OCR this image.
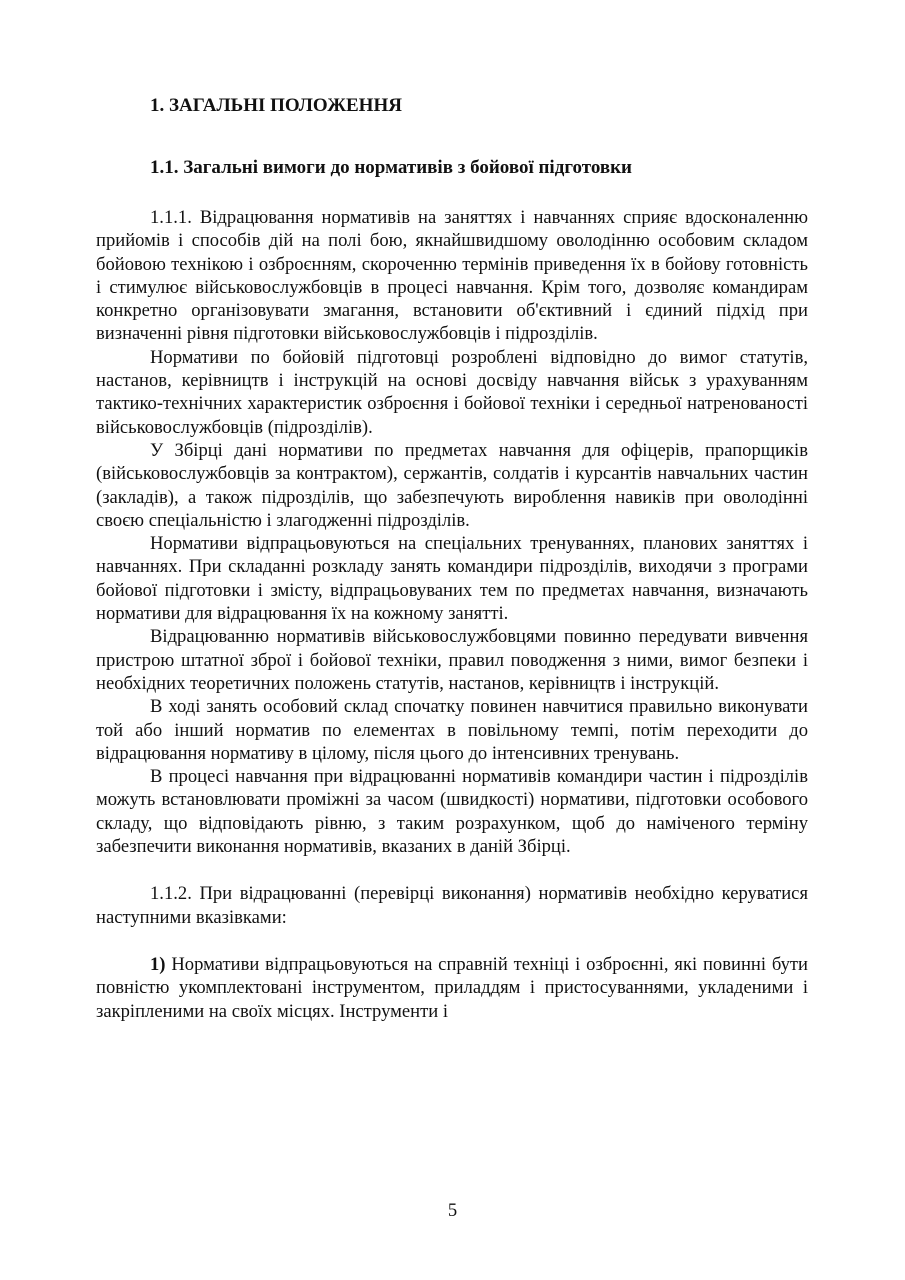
1. ЗАГАЛЬНІ ПОЛОЖЕННЯ
1.1. Загальні вимоги до нормативів з бойової підготовки

1.1.1. Відрацювання нормативів на заняттях і навчаннях сприяє вдосконаленню прийомів і способів дій на полі бою, якнайшвидшому оволодінню особовим складом бойовою технікою і озброєнням, скороченню термінів приведення їх в бойову готовність і стимулює військовослужбовців в процесі навчання. Крім того, дозволяє командирам конкретно організовувати змагання, встановити об'єктивний і єдиний підхід при визначенні рівня підготовки військовослужбовців і підрозділів.

Нормативи по бойовій підготовці розроблені відповідно до вимог статутів, настанов, керівництв і інструкцій на основі досвіду навчання військ з урахуванням тактико-технічних характеристик озброєння і бойової техніки і середньої натренованості військовослужбовців (підрозділів).

У Збірці дані нормативи по предметах навчання для офіцерів, прапорщиків (військовослужбовців за контрактом), сержантів, солдатів і курсантів навчальних частин (закладів), а також підрозділів, що забезпечують вироблення навиків при оволодінні своєю спеціальністю і злагодженні підрозділів.

Нормативи відпрацьовуються на спеціальних тренуваннях, планових заняттях і навчаннях. При складанні розкладу занять командири підрозділів, виходячи з програми бойової підготовки і змісту, відпрацьовуваних тем по предметах навчання, визначають нормативи для відрацювання їх на кожному занятті.

Відрацюванню нормативів військовослужбовцями повинно передувати вивчення пристрою штатної зброї і бойової техніки, правил поводження з ними, вимог безпеки і необхідних теоретичних положень статутів, настанов, керівництв і інструкцій.

В ході занять особовий склад спочатку повинен навчитися правильно виконувати той або інший норматив по елементах в повільному темпі, потім переходити до відрацювання нормативу в цілому, після цього до інтенсивних тренувань.

В процесі навчання при відрацюванні нормативів командири частин і підрозділів можуть встановлювати проміжні за часом (швидкості) нормативи, підготовки особового складу, що відповідають рівню, з таким розрахунком, щоб до наміченого терміну забезпечити виконання нормативів, вказаних в даній Збірці.

1.1.2. При відрацюванні (перевірці виконання) нормативів необхідно керуватися наступними вказівками:

1) Нормативи відпрацьовуються на справній техніці і озброєнні, які повинні бути повністю укомплектовані інструментом, приладдям і пристосуваннями, укладеними і закріпленими на своїх місцях. Інструменти і

5
